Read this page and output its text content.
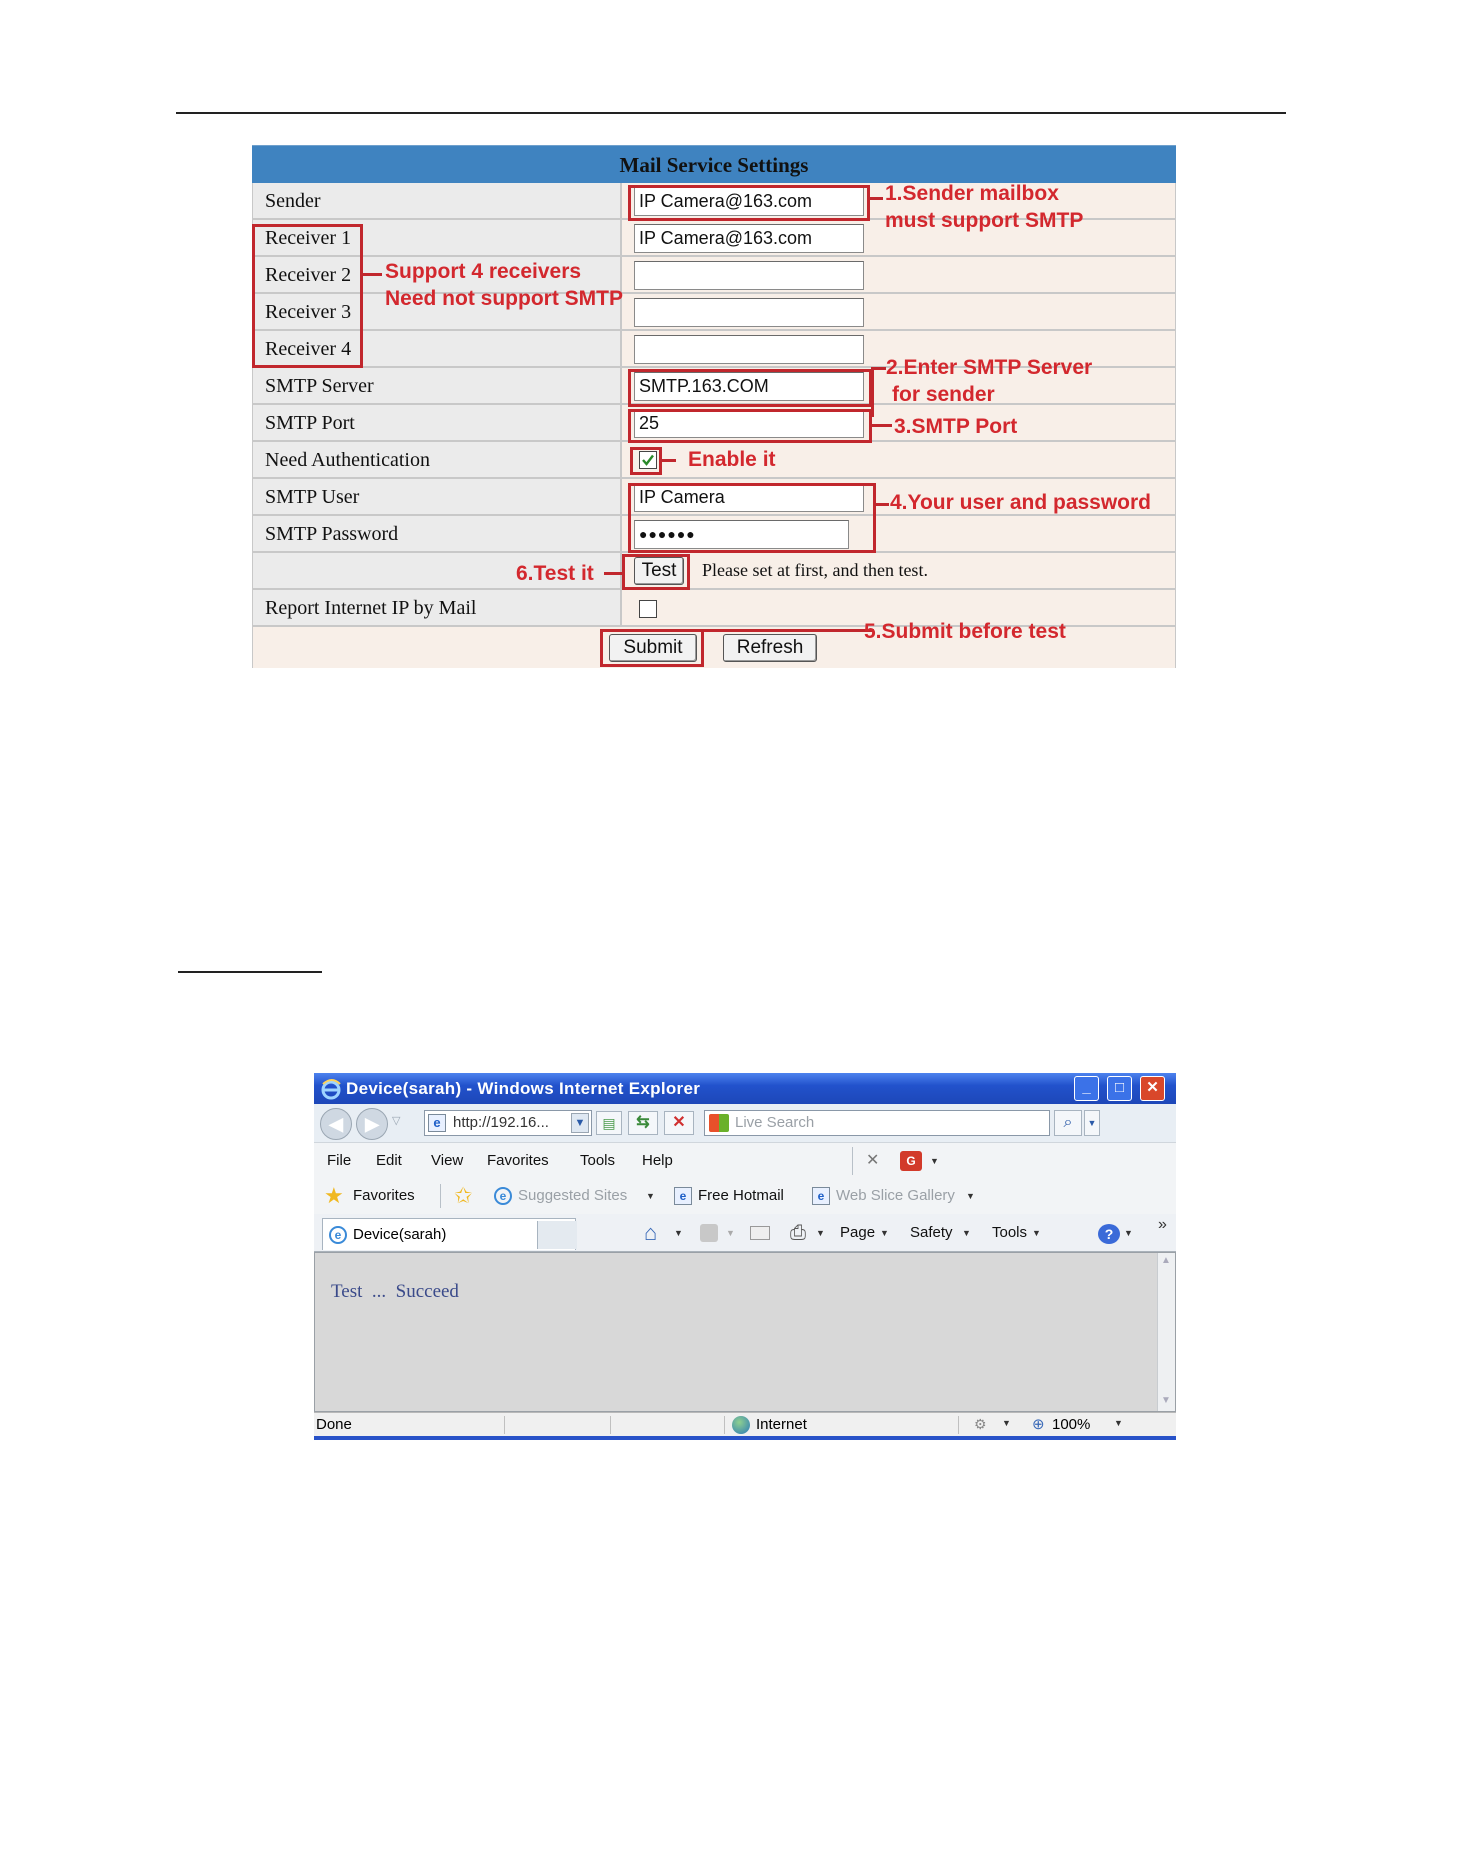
Mail Service Settings
Sender	IP Camera@163.com
Receiver 1	IP Camera@163.com
Receiver 2
Receiver 3
Receiver 4
SMTP Server	SMTP.163.COM
SMTP Port	25
Need Authentication
SMTP User	IP Camera
SMTP Password	●●●●●●
Test	Please set at first, and then test.
Report Internet IP by Mail
Submit	Refresh
1.Sender mailbox
must support SMTP
Support 4 receivers
Need not support SMTP
2.Enter SMTP Server
for sender
3.SMTP Port
Enable it
4.Your user and password
6.Test it
5.Submit before test
Device(sarah) - Windows Internet Explorer	_	□	✕
◀	▶	▽	e http://192.16...	▼	▤	⇆	✕	Live Search	⌕	▼
File Edit View Favorites Tools Help	✕	G	▼
★ Favorites ✩	e Suggested Sites ▼	e Free Hotmail	e Web Slice Gallery ▼
e Device(sarah)	⌂ ▼	▼	⎙ ▼ Page ▼ Safety ▼ Tools ▼	?	▼ »
Test  ...  Succeed
▲
▼
Done	Internet	⚙ ▼ ⊕ 100%	▼
